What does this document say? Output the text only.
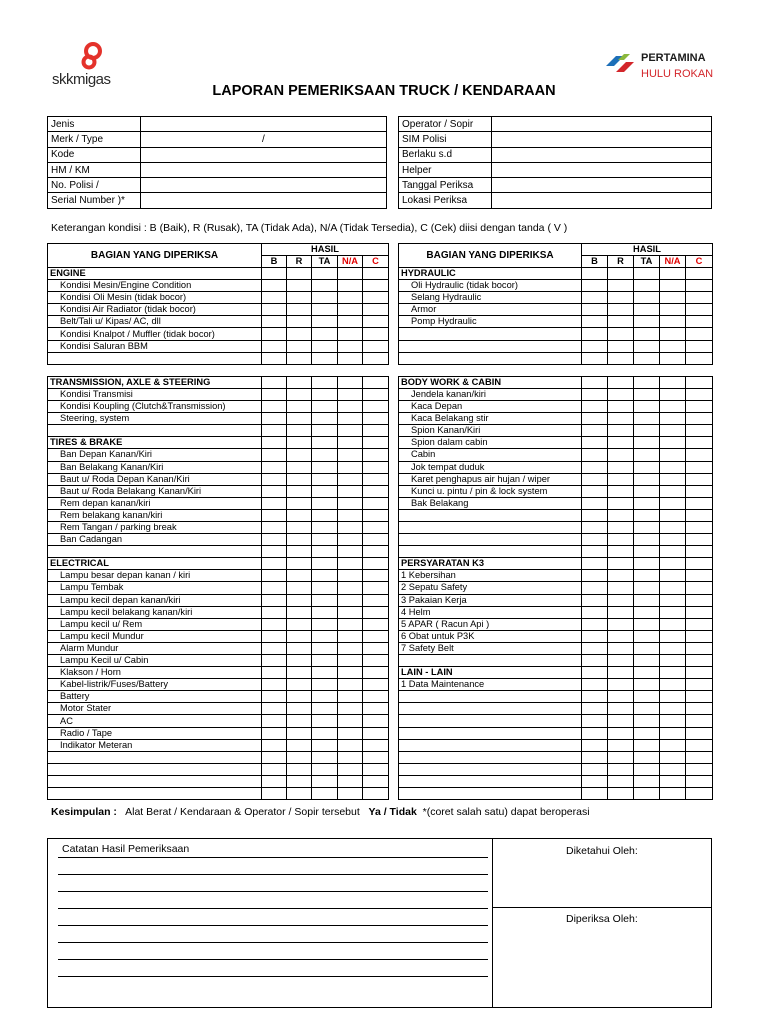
skkmigas
PERTAMINA
HULU ROKAN
LAPORAN PEMERIKSAAN TRUCK / KENDARAAN
Jenis	
Merk / Type	/
Kode	
HM / KM	
No. Polisi /	
Serial Number )*	
Operator / Sopir	
SIM Polisi	
Berlaku s.d	
Helper	
Tanggal Periksa	
Lokasi Periksa	
Keterangan kondisi : B (Baik), R (Rusak), TA (Tidak Ada), N/A (Tidak Tersedia), C (Cek) diisi dengan tanda ( V )
BAGIAN YANG DIPERIKSA	HASIL				
	B	R	TA	N/A	C
ENGINE					
Kondisi Mesin/Engine Condition					
Kondisi Oli Mesin (tidak bocor)					
Kondisi Air Radiator (tidak bocor)					
Belt/Tali u/ Kipas/ AC, dll					
Kondisi Knalpot / Muffler (tidak bocor)					
Kondisi Saluran BBM					

TRANSMISSION, AXLE & STEERING					
Kondisi Transmisi					
Kondisi Koupling (Clutch&Transmission)					
Steering, system					

TIRES & BRAKE					
Ban Depan Kanan/Kiri					
Ban Belakang Kanan/Kiri					
Baut u/ Roda Depan Kanan/Kiri					
Baut u/ Roda Belakang Kanan/Kiri					
Rem depan kanan/kiri					
Rem belakang kanan/kiri					
Rem Tangan / parking break					
Ban Cadangan					

ELECTRICAL					
Lampu besar depan kanan / kiri					
Lampu Tembak					
Lampu kecil depan kanan/kiri					
Lampu kecil belakang kanan/kiri					
Lampu kecil u/ Rem					
Lampu kecil Mundur					
Alarm Mundur					
Lampu Kecil u/ Cabin					
Klakson / Horn					
Kabel-listrik/Fuses/Battery					
Battery					
Motor Stater					
AC					
Radio / Tape					
Indikator Meteran					

BAGIAN YANG DIPERIKSA	HASIL				
	B	R	TA	N/A	C
HYDRAULIC					
Oli Hydraulic (tidak bocor)					
Selang Hydraulic					
Armor					
Pomp Hydraulic					

BODY WORK & CABIN					
Jendela kanan/kiri					
Kaca Depan					
Kaca Belakang stir					
Spion Kanan/Kiri					
Spion dalam cabin					
Cabin					
Jok tempat duduk					
Karet penghapus air hujan / wiper					
Kunci u. pintu / pin & lock system					
Bak Belakang					

PERSYARATAN K3					
1 Kebersihan					
2 Sepatu Safety					
3 Pakaian Kerja					
4 Helm					
5 APAR ( Racun Api )					
6 Obat untuk P3K					
7 Safety Belt					

LAIN - LAIN					
1 Data Maintenance					

Kesimpulan : Alat Berat / Kendaraan & Operator / Sopir tersebut Ya / Tidak *(coret salah satu) dapat beroperasi
Catatan Hasil Pemeriksaan	Diketahui Oleh:
Diperiksa Oleh:
